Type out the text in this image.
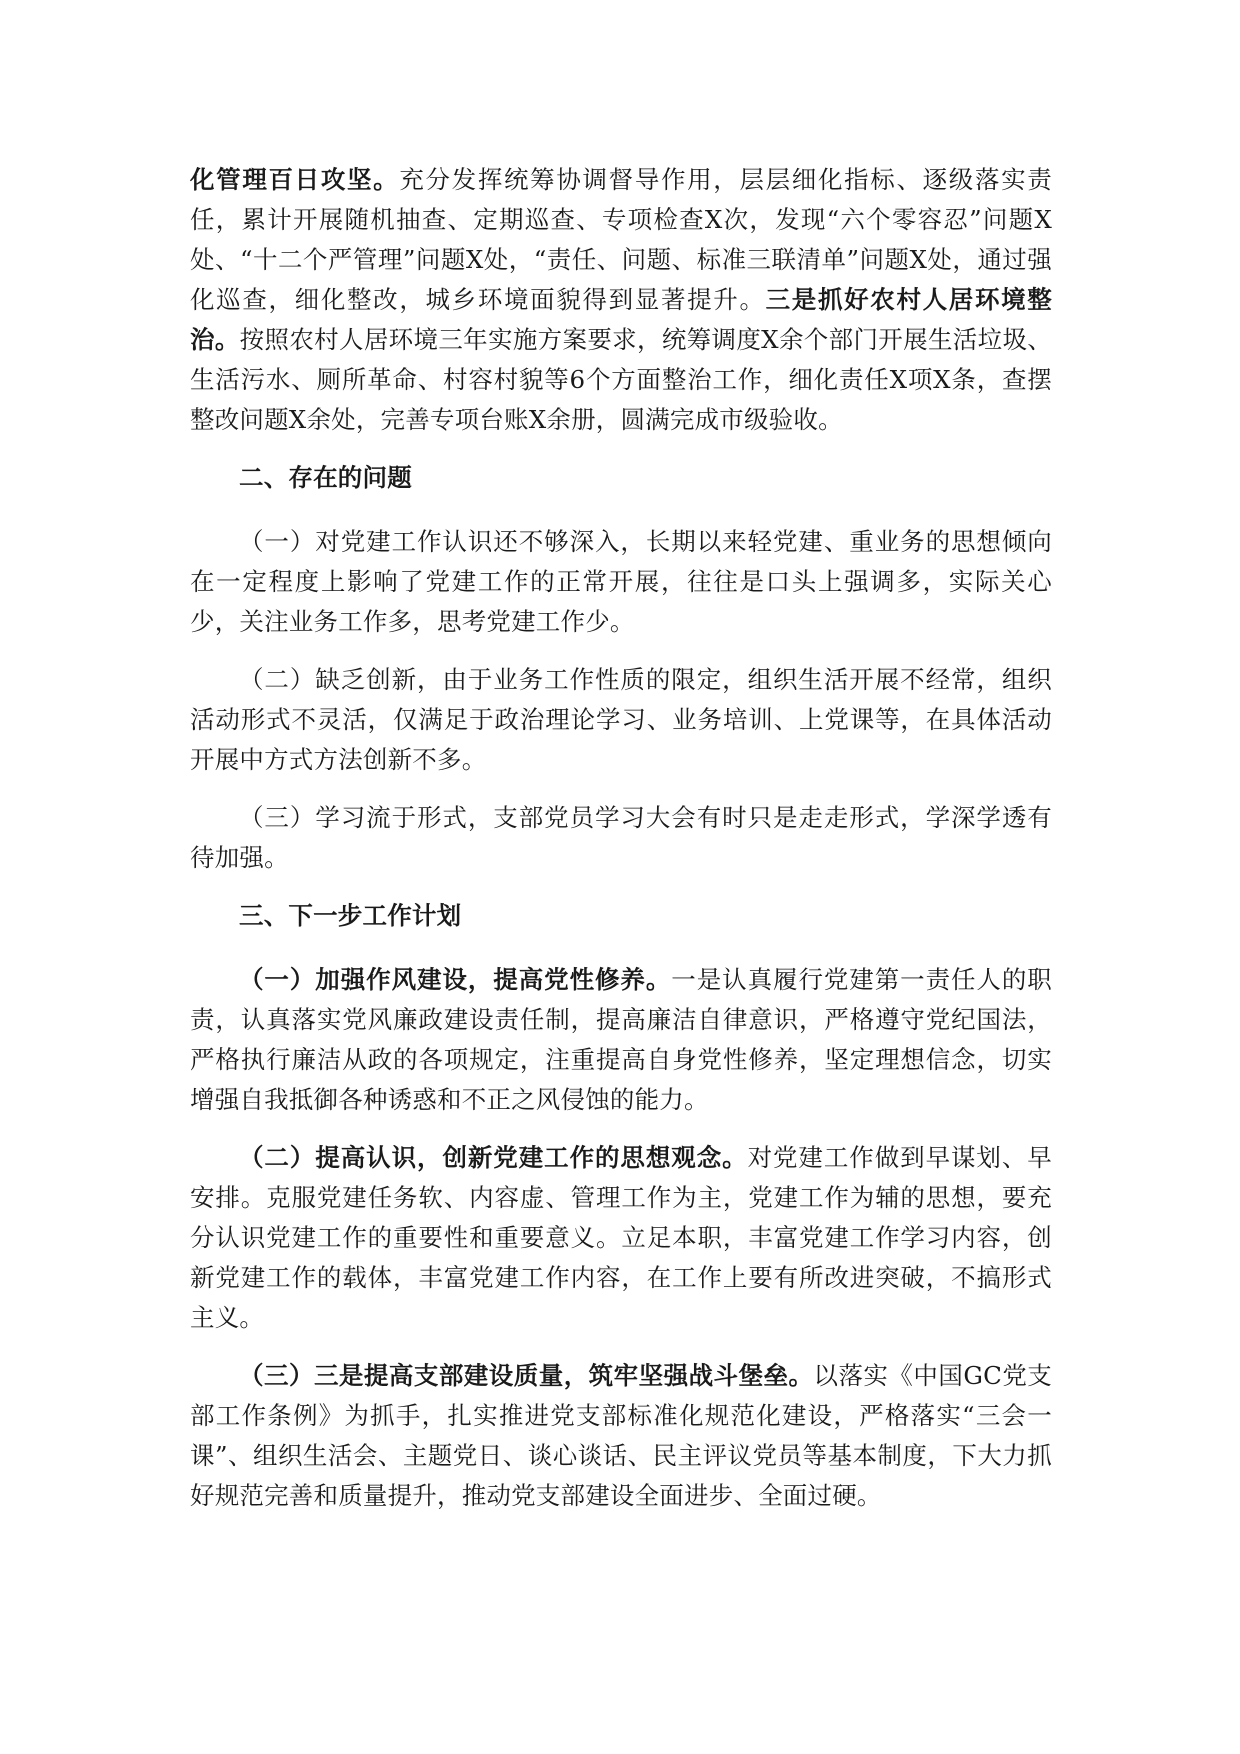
化管理百日攻坚。充分发挥统筹协调督导作用，层层细化指标、逐级落实责任，累计开展随机抽查、定期巡查、专项检查X次，发现“六个零容忍”问题X处、“十二个严管理”问题X处，“责任、问题、标准三联清单”问题X处，通过强化巡查，细化整改，城乡环境面貌得到显著提升。三是抓好农村人居环境整治。按照农村人居环境三年实施方案要求，统筹调度X余个部门开展生活垃圾、生活污水、厕所革命、村容村貌等6个方面整治工作，细化责任X项X条，查摆整改问题X余处，完善专项台账X余册，圆满完成市级验收。

二、存在的问题

（一）对党建工作认识还不够深入，长期以来轻党建、重业务的思想倾向在一定程度上影响了党建工作的正常开展，往往是口头上强调多，实际关心少，关注业务工作多，思考党建工作少。

（二）缺乏创新，由于业务工作性质的限定，组织生活开展不经常，组织活动形式不灵活，仅满足于政治理论学习、业务培训、上党课等，在具体活动开展中方式方法创新不多。

（三）学习流于形式，支部党员学习大会有时只是走走形式，学深学透有待加强。

三、下一步工作计划

（一）加强作风建设，提高党性修养。一是认真履行党建第一责任人的职责，认真落实党风廉政建设责任制，提高廉洁自律意识，严格遵守党纪国法，严格执行廉洁从政的各项规定，注重提高自身党性修养，坚定理想信念，切实增强自我抵御各种诱惑和不正之风侵蚀的能力。

（二）提高认识，创新党建工作的思想观念。对党建工作做到早谋划、早安排。克服党建任务软、内容虚、管理工作为主，党建工作为辅的思想，要充分认识党建工作的重要性和重要意义。立足本职，丰富党建工作学习内容，创新党建工作的载体，丰富党建工作内容，在工作上要有所改进突破，不搞形式主义。

（三）三是提高支部建设质量，筑牢坚强战斗堡垒。以落实《中国GC党支部工作条例》为抓手，扎实推进党支部标准化规范化建设，严格落实“三会一课”、组织生活会、主题党日、谈心谈话、民主评议党员等基本制度，下大力抓好规范完善和质量提升，推动党支部建设全面进步、全面过硬。
